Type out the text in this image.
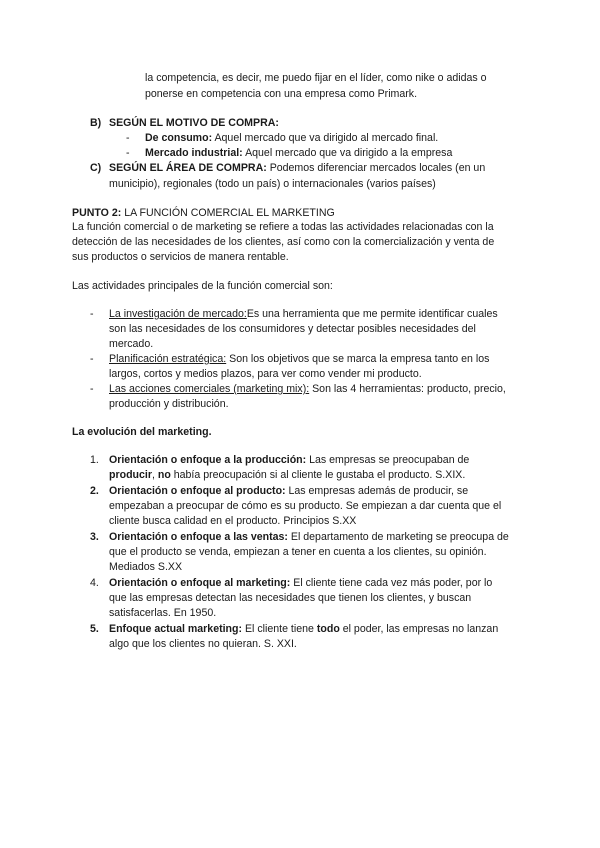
la competencia, es decir, me puedo fijar en el líder, como nike o adidas o
ponerse en competencia con una empresa como Primark.
B) SEGÚN EL MOTIVO DE COMPRA:
- De consumo: Aquel mercado que va dirigido al mercado final.
- Mercado industrial: Aquel mercado que va dirigido a la empresa
C) SEGÚN EL ÁREA DE COMPRA: Podemos diferenciar mercados locales (en un
municipio), regionales (todo un país) o internacionales (varios países)
PUNTO 2: LA FUNCIÓN COMERCIAL EL MARKETING
La función comercial o de marketing se refiere a todas las actividades relacionadas con la
detección de las necesidades de los clientes, así como con la comercialización y venta de
sus productos o servicios de manera rentable.
Las actividades principales de la función comercial son:
- La investigación de mercado:Es una herramienta que me permite identificar cuales
son las necesidades de los consumidores y detectar posibles necesidades del
mercado.
- Planificación estratégica: Son los objetivos que se marca la empresa tanto en los
largos, cortos y medios plazos, para ver como vender mi producto.
- Las acciones comerciales (marketing mix): Son las 4 herramientas: producto, precio,
producción y distribución.
La evolución del marketing.
1. Orientación o enfoque a la producción: Las empresas se preocupaban de
producir, no había preocupación si al cliente le gustaba el producto. S.XIX.
2. Orientación o enfoque al producto: Las empresas además de producir, se
empezaban a preocupar de cómo es su producto. Se empiezan a dar cuenta que el
cliente busca calidad en el producto. Principios S.XX
3. Orientación o enfoque a las ventas: El departamento de marketing se preocupa de
que el producto se venda, empiezan a tener en cuenta a los clientes, su opinión.
Mediados S.XX
4. Orientación o enfoque al marketing: El cliente tiene cada vez más poder, por lo
que las empresas detectan las necesidades que tienen los clientes, y buscan
satisfacerlas. En 1950.
5. Enfoque actual marketing: El cliente tiene todo el poder, las empresas no lanzan
algo que los clientes no quieran. S. XXI.
